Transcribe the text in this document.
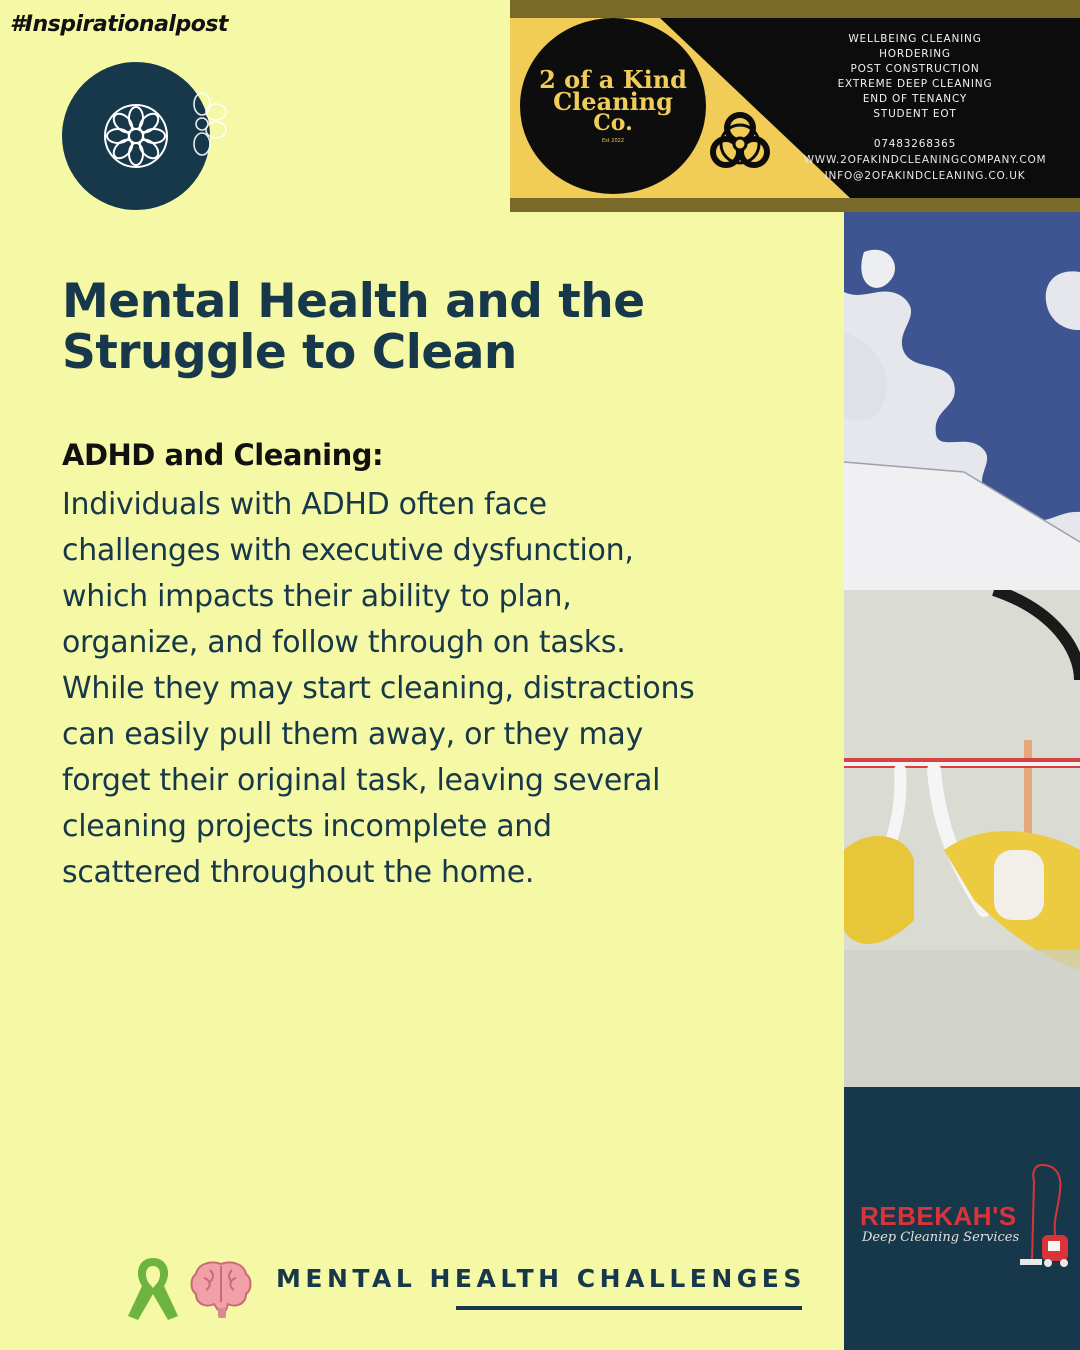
#Inspirationalpost
2 of a Kind
Cleaning
Co.
Est 2022
WELLBEING CLEANING
HORDERING
POST CONSTRUCTION
EXTREME DEEP CLEANING
END OF TENANCY
STUDENT EOT
07483268365
WWW.2OFAKINDCLEANINGCOMPANY.COM
INFO@2OFAKINDCLEANING.CO.UK
REBEKAH'S
Deep Cleaning Services
Mental Health and the
Struggle to Clean
ADHD and Cleaning:
Individuals with ADHD often face
challenges with executive dysfunction,
which impacts their ability to plan,
organize, and follow through on tasks.
While they may start cleaning, distractions
can easily pull them away, or they may
forget their original task, leaving several
cleaning projects incomplete and
scattered throughout the home.
MENTAL HEALTH CHALLENGES
